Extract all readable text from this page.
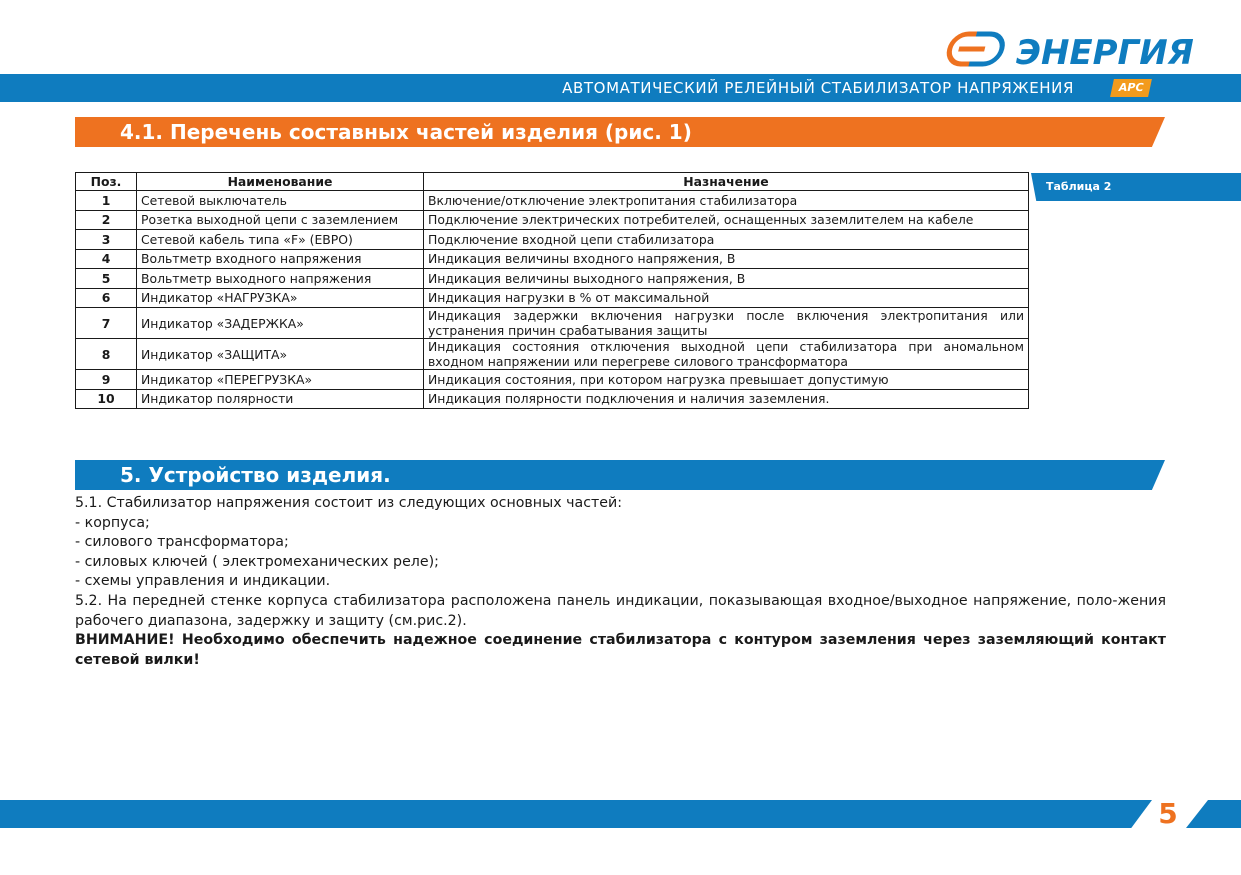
ЭНЕРГИЯ
АВТОМАТИЧЕСКИЙ РЕЛЕЙНЫЙ СТАБИЛИЗАТОР НАПРЯЖЕНИЯ	APC
4.1. Перечень составных частей изделия (рис. 1)
Таблица 2
Поз.	Наименование	Назначение
1	Сетевой выключатель	Включение/отключение электропитания стабилизатора
2	Розетка выходной цепи с заземлением	Подключение электрических потребителей, оснащенных заземлителем на кабеле
3	Сетевой кабель типа «F» (ЕВРО)	Подключение входной цепи стабилизатора
4	Вольтметр входного напряжения	Индикация величины входного напряжения, В
5	Вольтметр выходного напряжения	Индикация величины выходного напряжения, В
6	Индикатор «НАГРУЗКА»	Индикация нагрузки в % от максимальной
7	Индикатор «ЗАДЕРЖКА»	Индикация задержки включения нагрузки после включения электропитания или устранения причин срабатывания защиты
8	Индикатор «ЗАЩИТА»	Индикация состояния отключения выходной цепи стабилизатора при аномальном входном напряжении или перегреве силового трансформатора
9	Индикатор «ПЕРЕГРУЗКА»	Индикация состояния, при котором нагрузка превышает допустимую
10	Индикатор полярности	Индикация полярности подключения и наличия заземления.
5. Устройство изделия.

5.1. Стабилизатор напряжения состоит из следующих основных частей:

- корпуса;

- силового трансформатора;

- силовых ключей ( электромеханических реле);

- схемы управления и индикации.

5.2. На передней стенке корпуса стабилизатора расположена панель индикации, показывающая входное/выходное напряжение, поло-жения рабочего диапазона, задержку и защиту (см.рис.2).

ВНИМАНИЕ! Необходимо обеспечить надежное соединение стабилизатора с контуром заземления через заземляющий контакт сетевой вилки!

5
